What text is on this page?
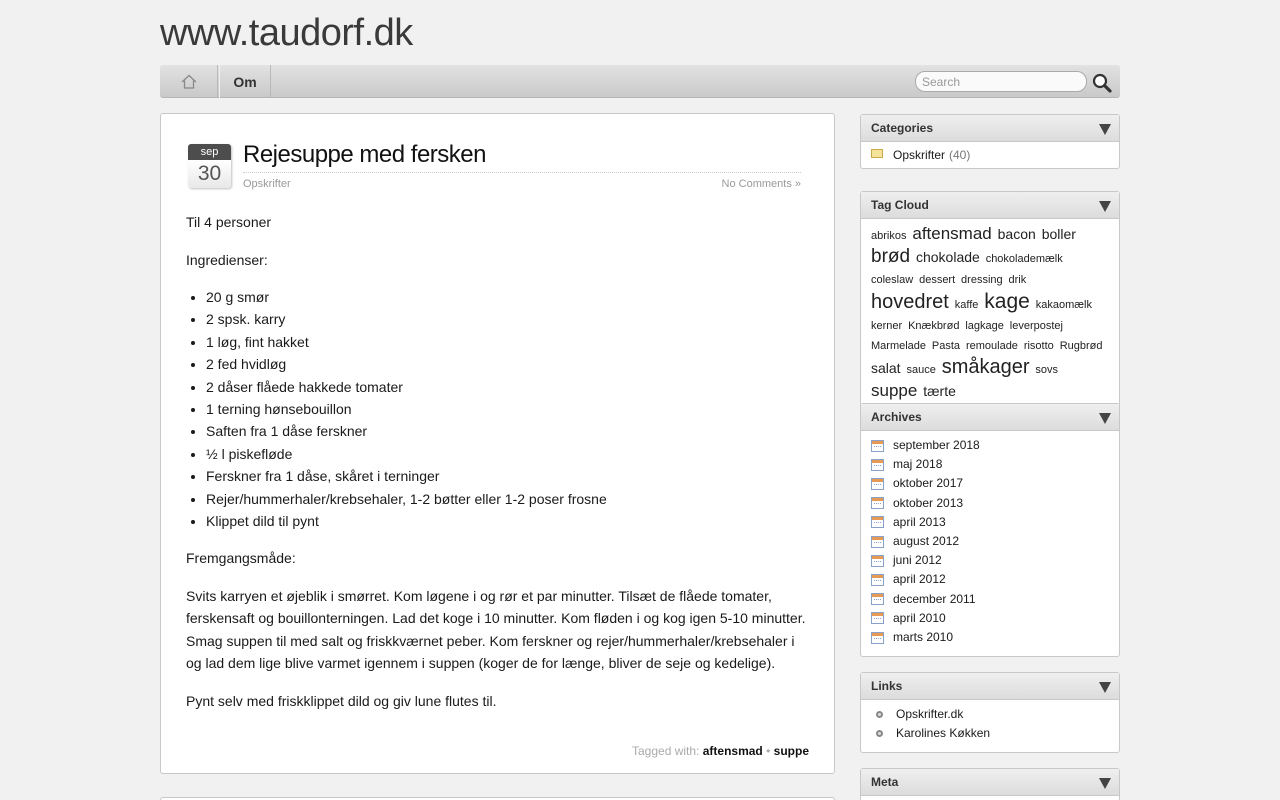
www.taudorf.dk
Om
Search
sep
30
Rejesuppe med fersken
Opskrifter	No Comments »

Til 4 personer

Ingredienser:

• 20 g smør
• 2 spsk. karry
• 1 løg, fint hakket
• 2 fed hvidløg
• 2 dåser flåede hakkede tomater
• 1 terning hønsebouillon
• Saften fra 1 dåse ferskner
• ½ l piskefløde
• Ferskner fra 1 dåse, skåret i terninger
• Rejer/hummerhaler/krebsehaler, 1-2 bøtter eller 1-2 poser frosne
• Klippet dild til pynt

Fremgangsmåde:

Svits karryen et øjeblik i smørret. Kom løgene i og rør et par minutter. Tilsæt de flåede tomater, ferskensaft og bouillonterningen. Lad det koge i 10 minutter. Kom fløden i og kog igen 5-10 minutter. Smag suppen til med salt og friskkværnet peber. Kom ferskner og rejer/hummerhaler/krebsehaler i og lad dem lige blive varmet igennem i suppen (koger de for længe, bliver de seje og kedelige).

Pynt selv med friskklippet dild og giv lune flutes til.

Tagged with: aftensmad • suppe
Categories
Opskrifter (40)
Tag Cloud
abrikos aftensmad bacon boller brød chokolade chokolademælk coleslaw dessert dressing drik hovedret kaffe kage kakaomælk kerner Knækbrød lagkage leverpostej Marmelade Pasta remoulade risotto Rugbrød salat sauce småkager sovs suppe tærte
Archives
september 2018
maj 2018
oktober 2017
oktober 2013
april 2013
august 2012
juni 2012
april 2012
december 2011
april 2010
marts 2010
Links
Opskrifter.dk
Karolines Køkken
Meta
